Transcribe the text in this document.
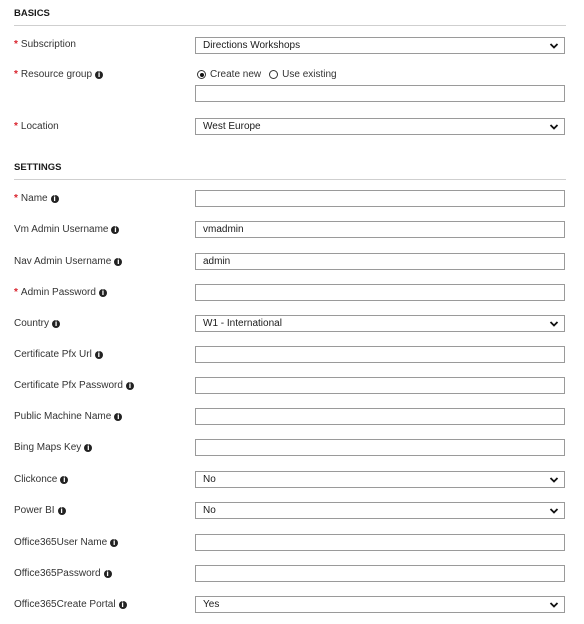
BASICS
* Subscription	Directions Workshops
* Resource group i	Create new Use existing
* Location	West Europe
SETTINGS
* Name i
Vm Admin Username i	vmadmin
Nav Admin Username i	admin
* Admin Password i
Country i	W1 - International
Certificate Pfx Url i
Certificate Pfx Password i
Public Machine Name i
Bing Maps Key i
Clickonce i	No
Power BI i	No
Office365User Name i
Office365Password i
Office365Create Portal i	Yes
